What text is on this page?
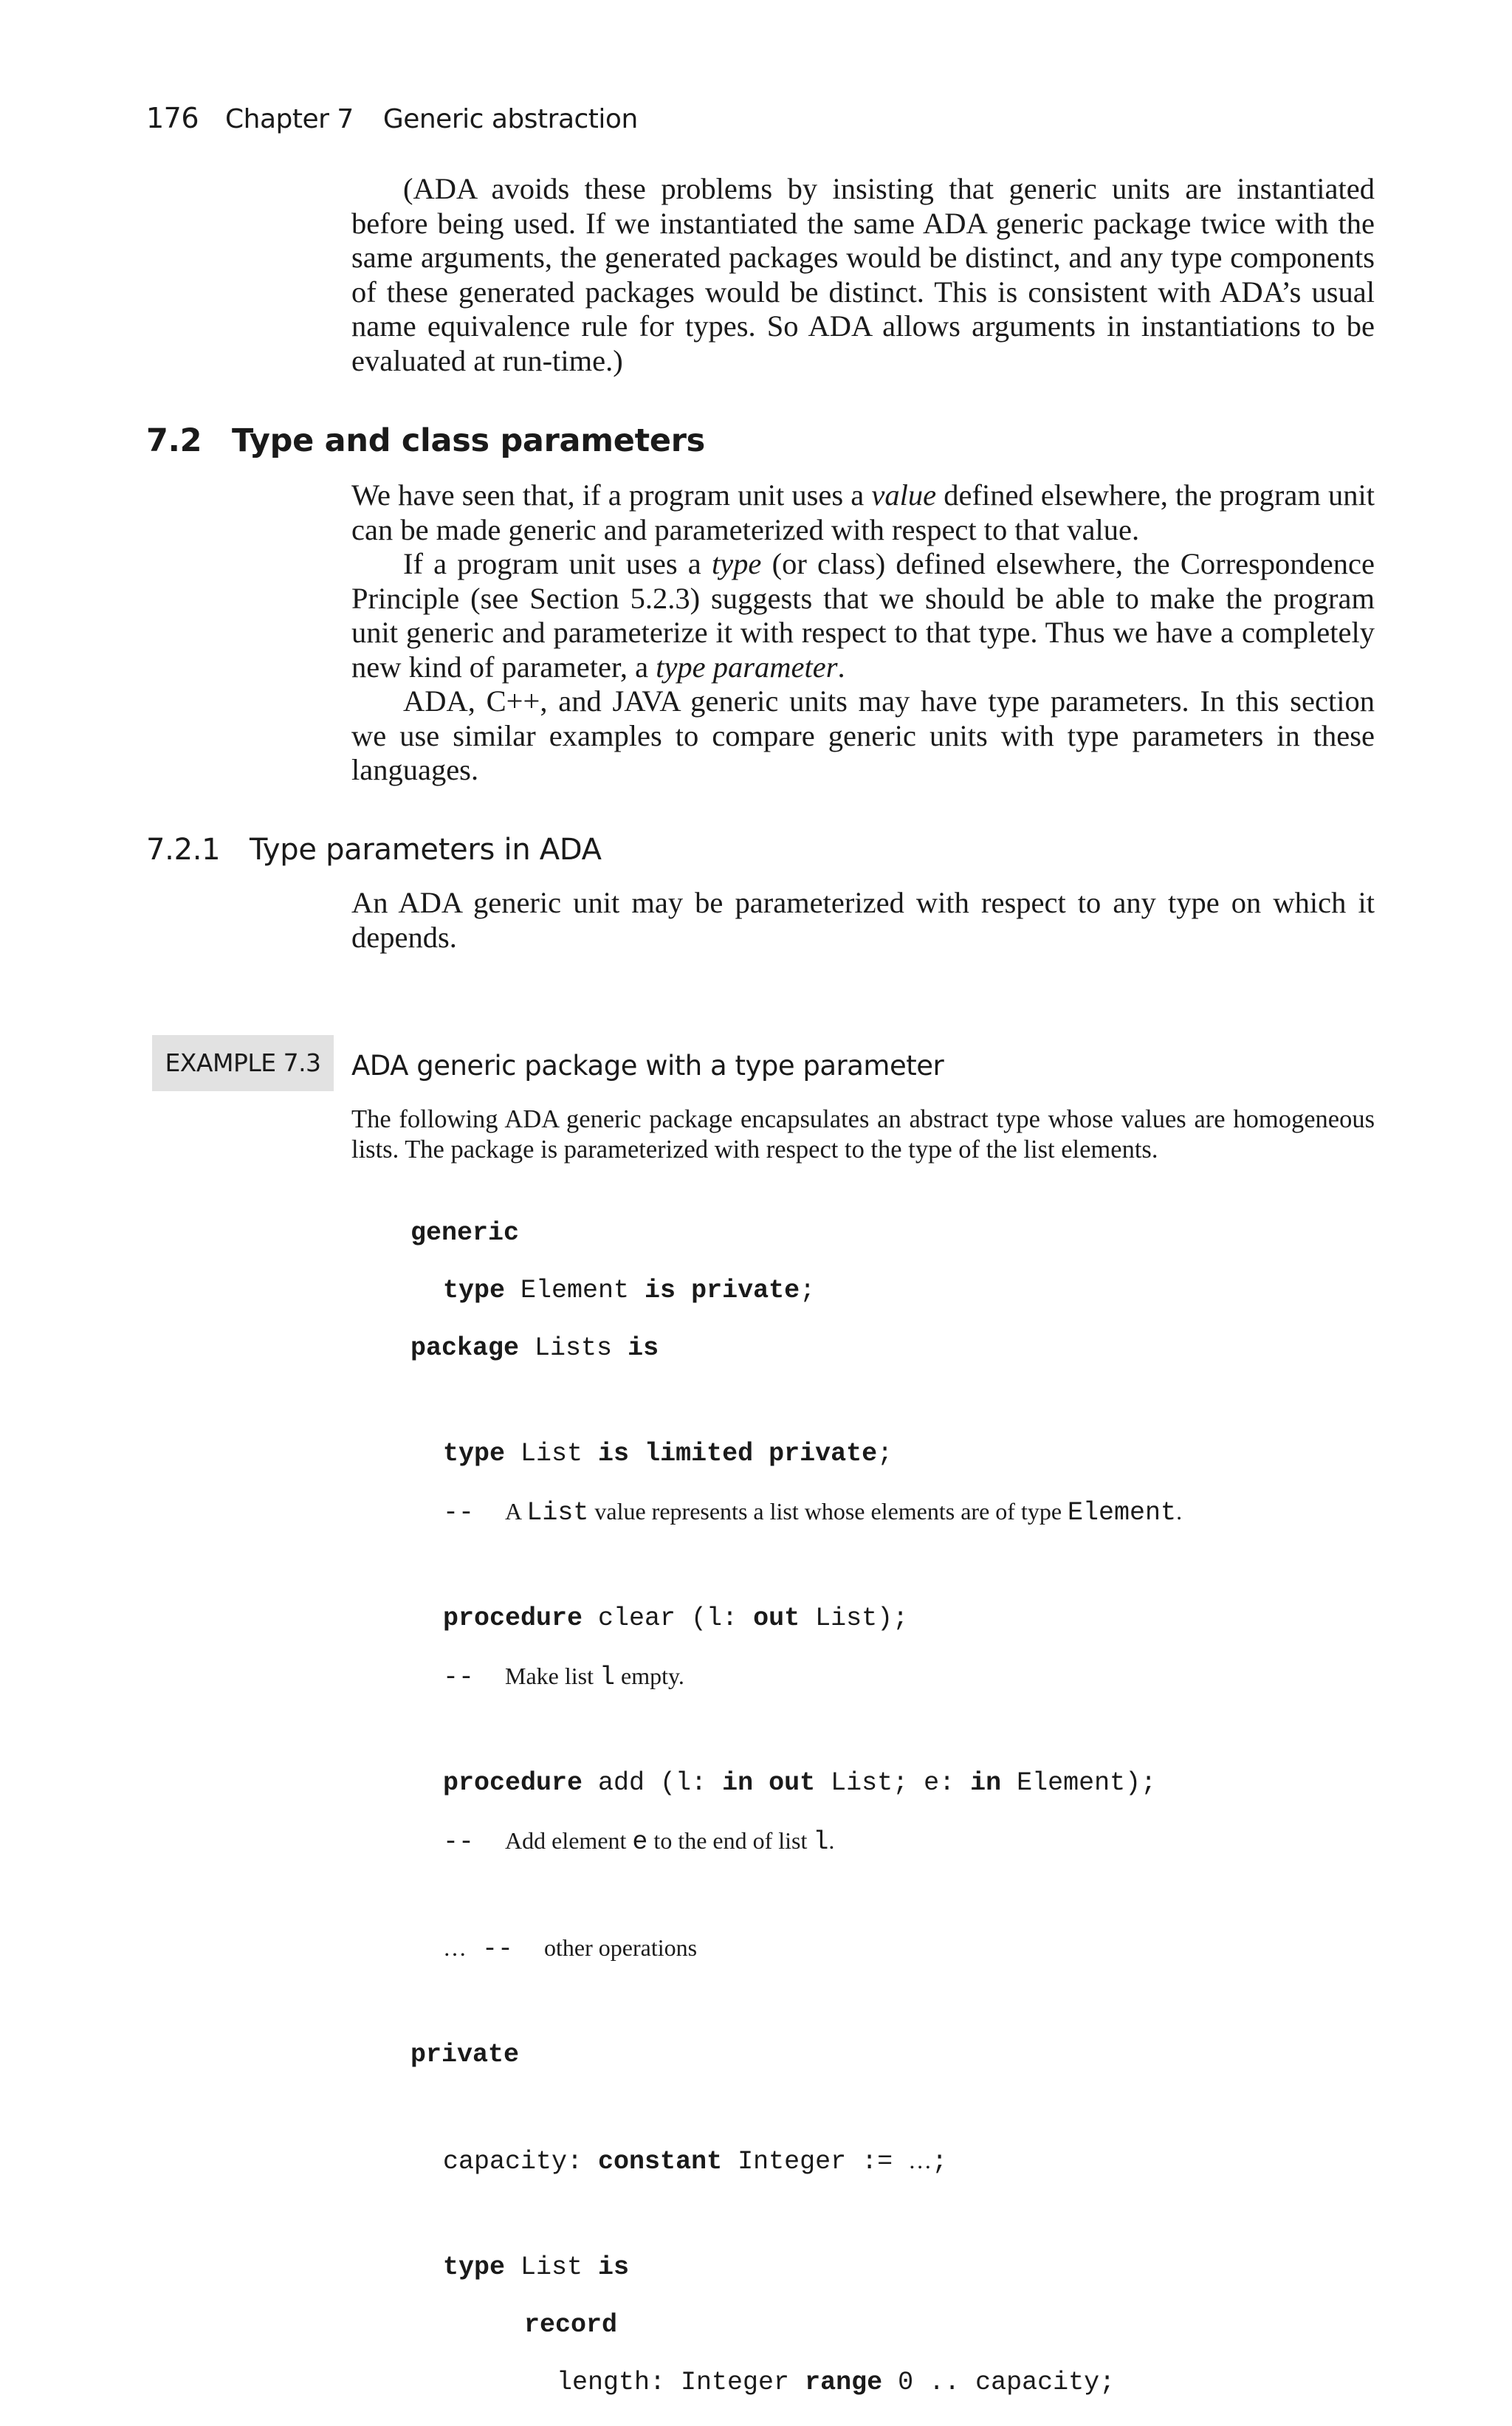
176 Chapter 7 Generic abstraction

(ADA avoids these problems by insisting that generic units are instantiated before being used. If we instantiated the same ADA generic package twice with the same arguments, the generated packages would be distinct, and any type components of these generated packages would be distinct. This is consistent with ADA’s usual name equivalence rule for types. So ADA allows arguments in instantiations to be evaluated at run-time.)

7.2 Type and class parameters

We have seen that, if a program unit uses a value defined elsewhere, the program unit can be made generic and parameterized with respect to that value.

If a program unit uses a type (or class) defined elsewhere, the Correspondence Principle (see Section 5.2.3) suggests that we should be able to make the program unit generic and parameterize it with respect to that type. Thus we have a completely new kind of parameter, a type parameter.

ADA, C++, and JAVA generic units may have type parameters. In this section we use similar examples to compare generic units with type parameters in these languages.

7.2.1 Type parameters in ADA

An ADA generic unit may be parameterized with respect to any type on which it depends.

EXAMPLE 7.3	ADA generic package with a type parameter
The following ADA generic package encapsulates an abstract type whose values are homogeneous lists. The package is parameterized with respect to the type of the list elements.

generic

type Element is private;

package Lists is

type List is limited private;

--  A List value represents a list whose elements are of type Element.

procedure clear (l: out List);

--  Make list l empty.

procedure add (l: in out List; e: in Element);

--  Add element e to the end of list l.

… --  other operations

private

capacity: constant Integer := …;

type List is

record

length: Integer range 0 .. capacity;
